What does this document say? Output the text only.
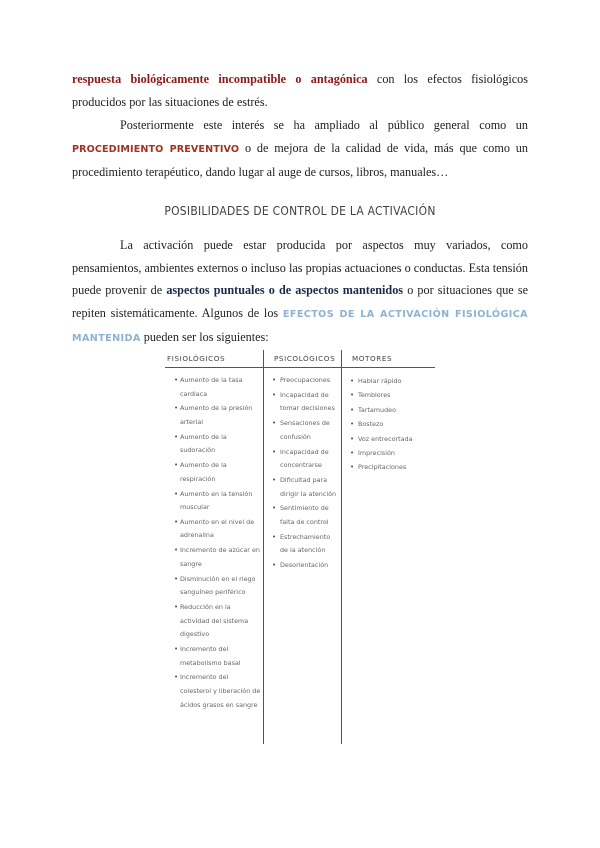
respuesta biológicamente incompatible o antagónica con los efectos fisiológicos producidos por las situaciones de estrés.

Posteriormente este interés se ha ampliado al público general como un PROCEDIMIENTO PREVENTIVO o de mejora de la calidad de vida, más que como un procedimiento terapéutico, dando lugar al auge de cursos, libros, manuales…

POSIBILIDADES DE CONTROL DE LA ACTIVACIÓN

La activación puede estar producida por aspectos muy variados, como pensamientos, ambientes externos o incluso las propias actuaciones o conductas. Esta tensión puede provenir de aspectos puntuales o de aspectos mantenidos o por situaciones que se repiten sistemáticamente. Algunos de los EFECTOS DE LA ACTIVACIÓN FISIOLÓGICA MANTENIDA pueden ser los siguientes:

FISIOLÓGICOS
• Aumento de la tasa cardiaca
• Aumento de la presión arterial
• Aumento de la sudoración
• Aumento de la respiración
• Aumento en la tensión muscular
• Aumento en el nivel de adrenalina
• Incremento de azúcar en sangre
• Disminución en el riego sanguíneo periférico
• Reducción en la actividad del sistema digestivo
• Incremento del metabolismo basal
• Incremento del colesterol y liberación de ácidos grasos en sangre
PSICOLÓGICOS
• Preocupaciones
• Incapacidad de tomar decisiones
• Sensaciones de confusión
• Incapacidad de concentrarse
• Dificultad para dirigir la atención
• Sentimiento de falta de control
• Estrechamiento de la atención
• Desorientación
MOTORES
• Hablar rápido
• Temblores
• Tartamudeo
• Bostezo
• Voz entrecortada
• Imprecisión
• Precipitaciones
